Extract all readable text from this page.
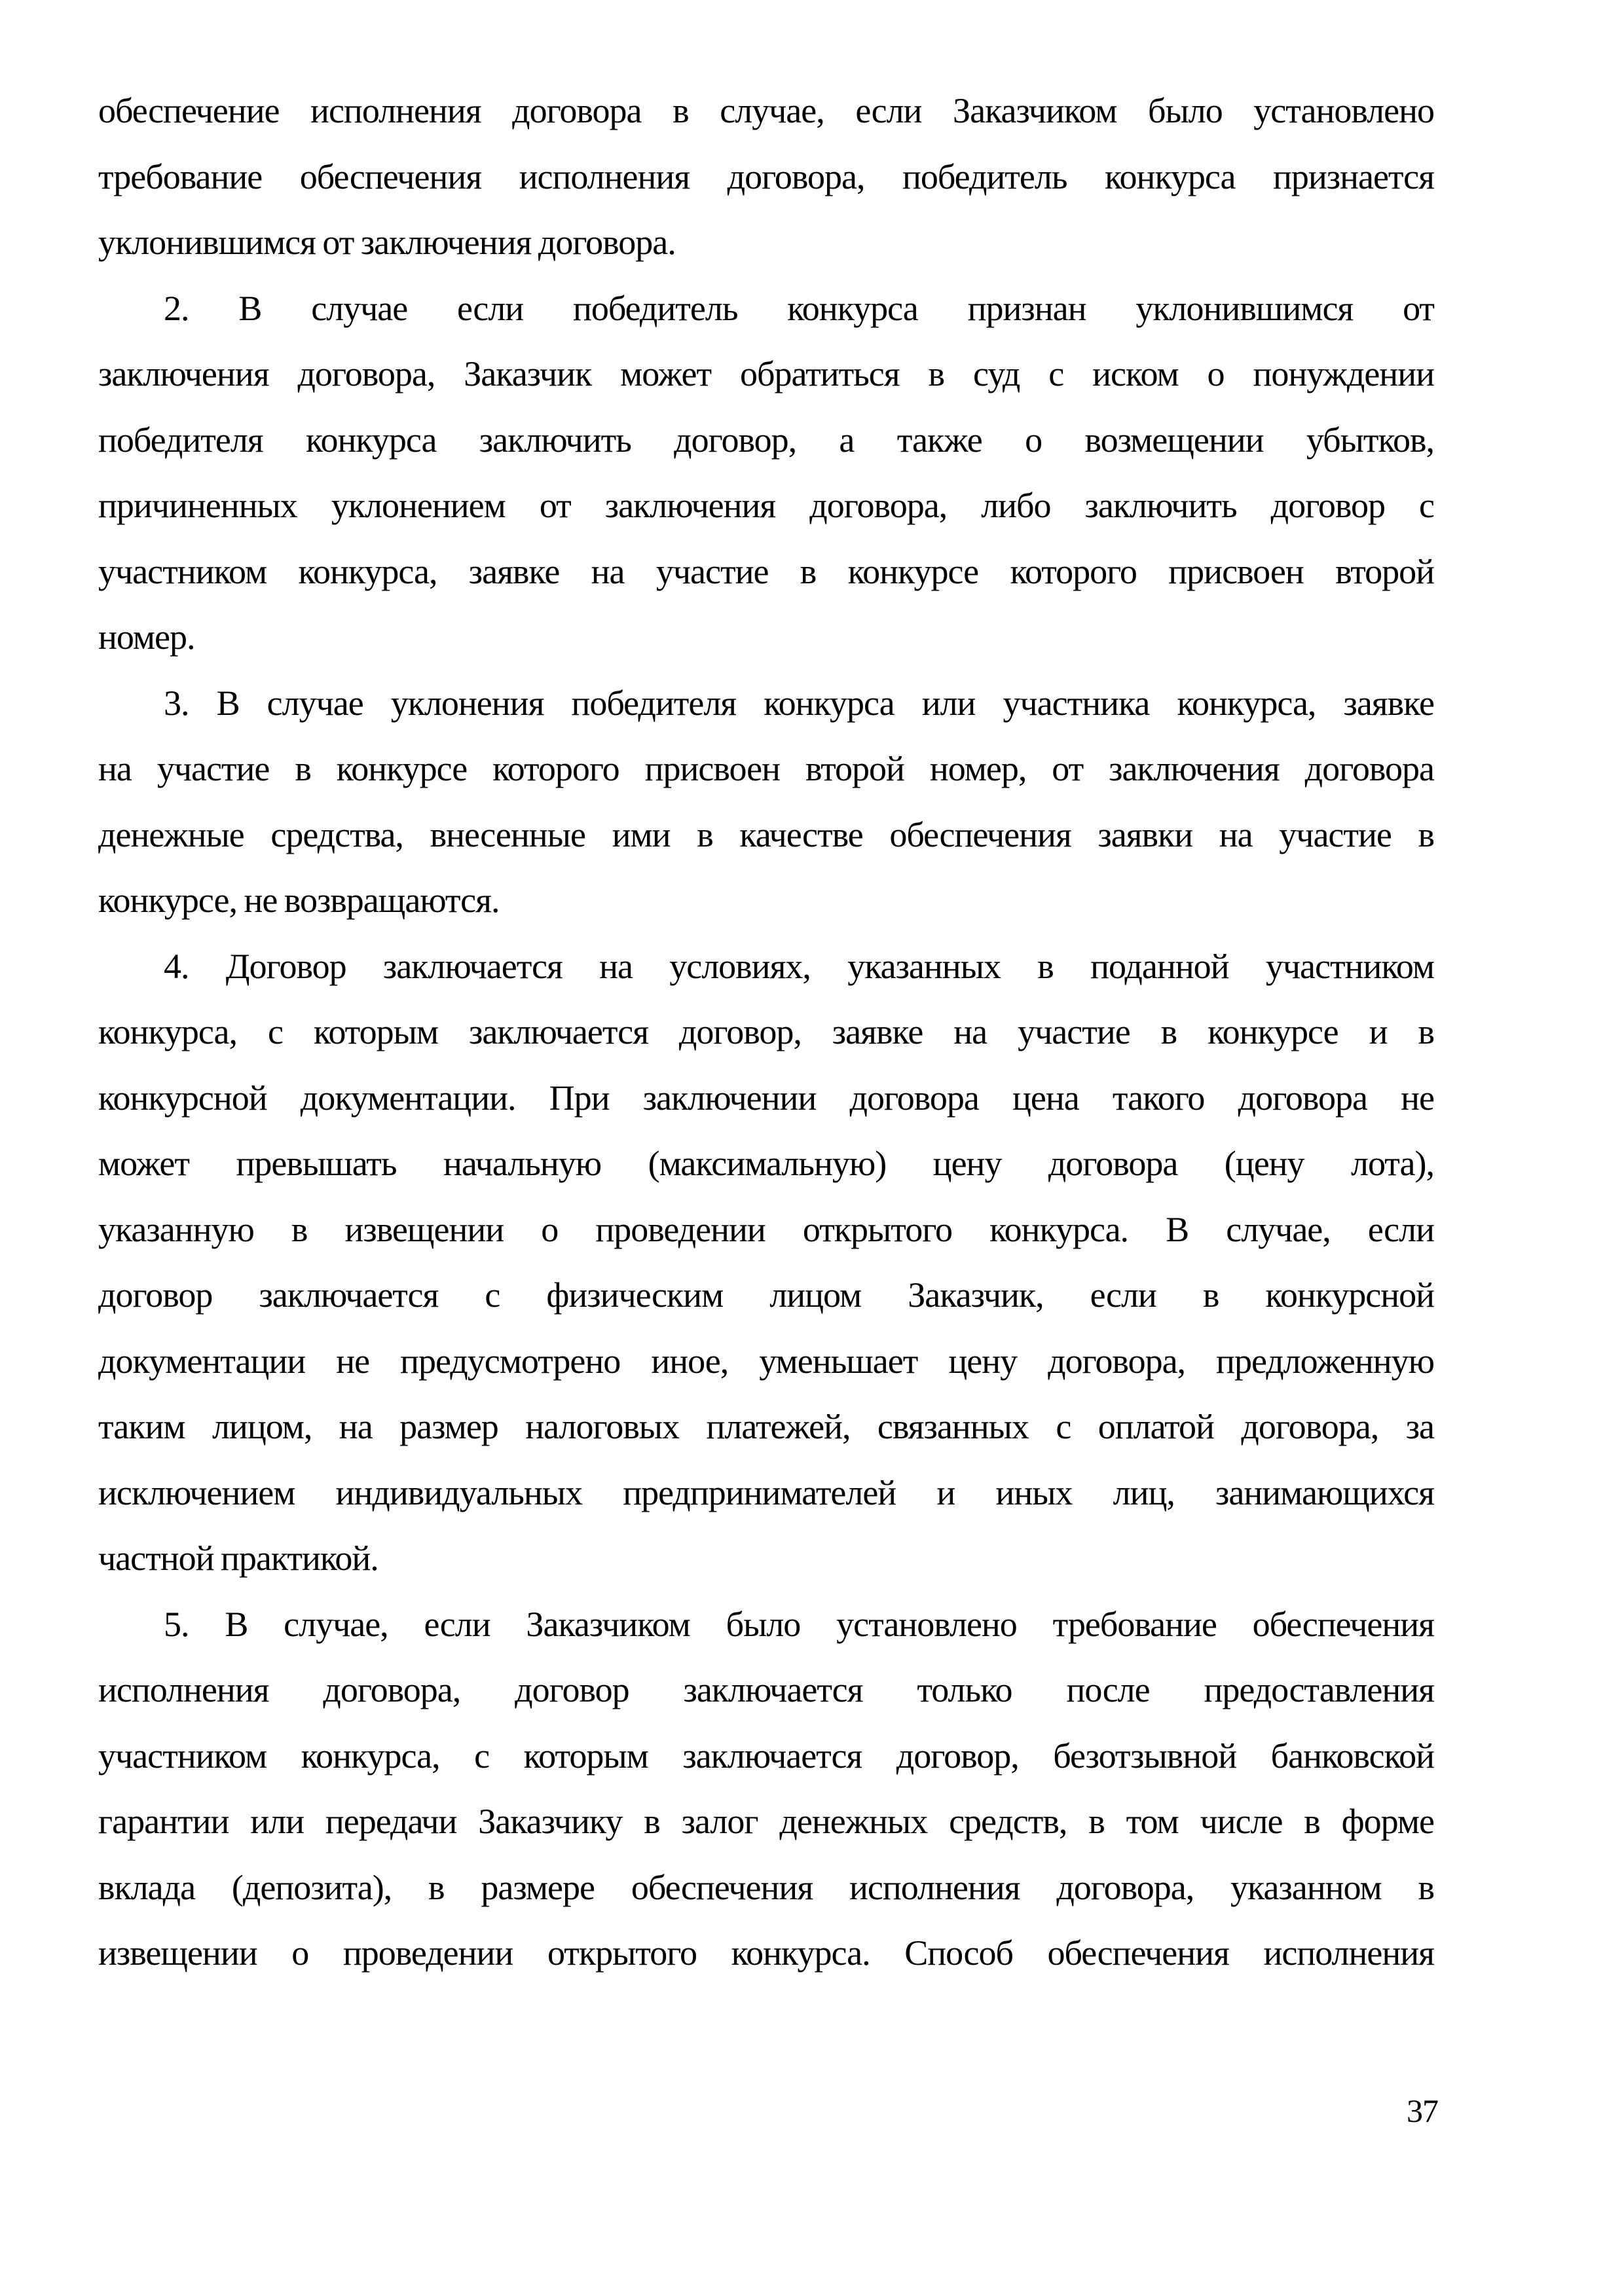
обеспечение исполнения договора в случае, если Заказчиком было установлено
требование обеспечения исполнения договора, победитель конкурса признается
уклонившимся от заключения договора.
2. В случае если победитель конкурса признан уклонившимся от
заключения договора, Заказчик может обратиться в суд с иском о понуждении
победителя конкурса заключить договор, а также о возмещении убытков,
причиненных уклонением от заключения договора, либо заключить договор с
участником конкурса, заявке на участие в конкурсе которого присвоен второй
номер.
3. В случае уклонения победителя конкурса или участника конкурса, заявке
на участие в конкурсе которого присвоен второй номер, от заключения договора
денежные средства, внесенные ими в качестве обеспечения заявки на участие в
конкурсе, не возвращаются.
4. Договор заключается на условиях, указанных в поданной участником
конкурса, с которым заключается договор, заявке на участие в конкурсе и в
конкурсной документации. При заключении договора цена такого договора не
может превышать начальную (максимальную) цену договора (цену лота),
указанную в извещении о проведении открытого конкурса. В случае, если
договор заключается с физическим лицом Заказчик, если в конкурсной
документации не предусмотрено иное, уменьшает цену договора, предложенную
таким лицом, на размер налоговых платежей, связанных с оплатой договора, за
исключением индивидуальных предпринимателей и иных лиц, занимающихся
частной практикой.
5. В случае, если Заказчиком было установлено требование обеспечения
исполнения договора, договор заключается только после предоставления
участником конкурса, с которым заключается договор, безотзывной банковской
гарантии или передачи Заказчику в залог денежных средств, в том числе в форме
вклада (депозита), в размере обеспечения исполнения договора, указанном в
извещении о проведении открытого конкурса. Способ обеспечения исполнения
37
